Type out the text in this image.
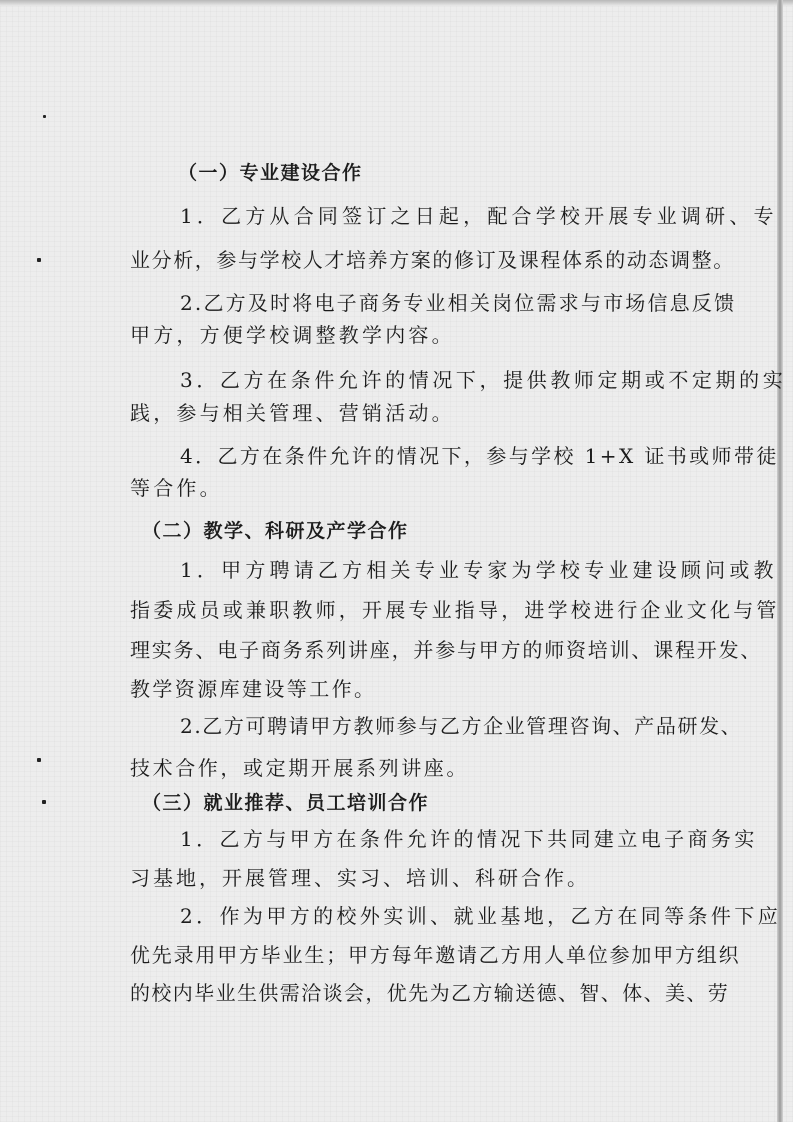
（一）专业建设合作
1．乙方从合同签订之日起，配合学校开展专业调研、专
业分析，参与学校人才培养方案的修订及课程体系的动态调整。
2.乙方及时将电子商务专业相关岗位需求与市场信息反馈
甲方，方便学校调整教学内容。
3．乙方在条件允许的情况下，提供教师定期或不定期的实
践，参与相关管理、营销活动。
4．乙方在条件允许的情况下，参与学校 1+X 证书或师带徒
等合作。
（二）教学、科研及产学合作
1．甲方聘请乙方相关专业专家为学校专业建设顾问或教
指委成员或兼职教师，开展专业指导，进学校进行企业文化与管
理实务、电子商务系列讲座，并参与甲方的师资培训、课程开发、
教学资源库建设等工作。
2.乙方可聘请甲方教师参与乙方企业管理咨询、产品研发、
技术合作，或定期开展系列讲座。
（三）就业推荐、员工培训合作
1．乙方与甲方在条件允许的情况下共同建立电子商务实
习基地，开展管理、实习、培训、科研合作。
2．作为甲方的校外实训、就业基地，乙方在同等条件下应
优先录用甲方毕业生；甲方每年邀请乙方用人单位参加甲方组织
的校内毕业生供需洽谈会，优先为乙方输送德、智、体、美、劳
